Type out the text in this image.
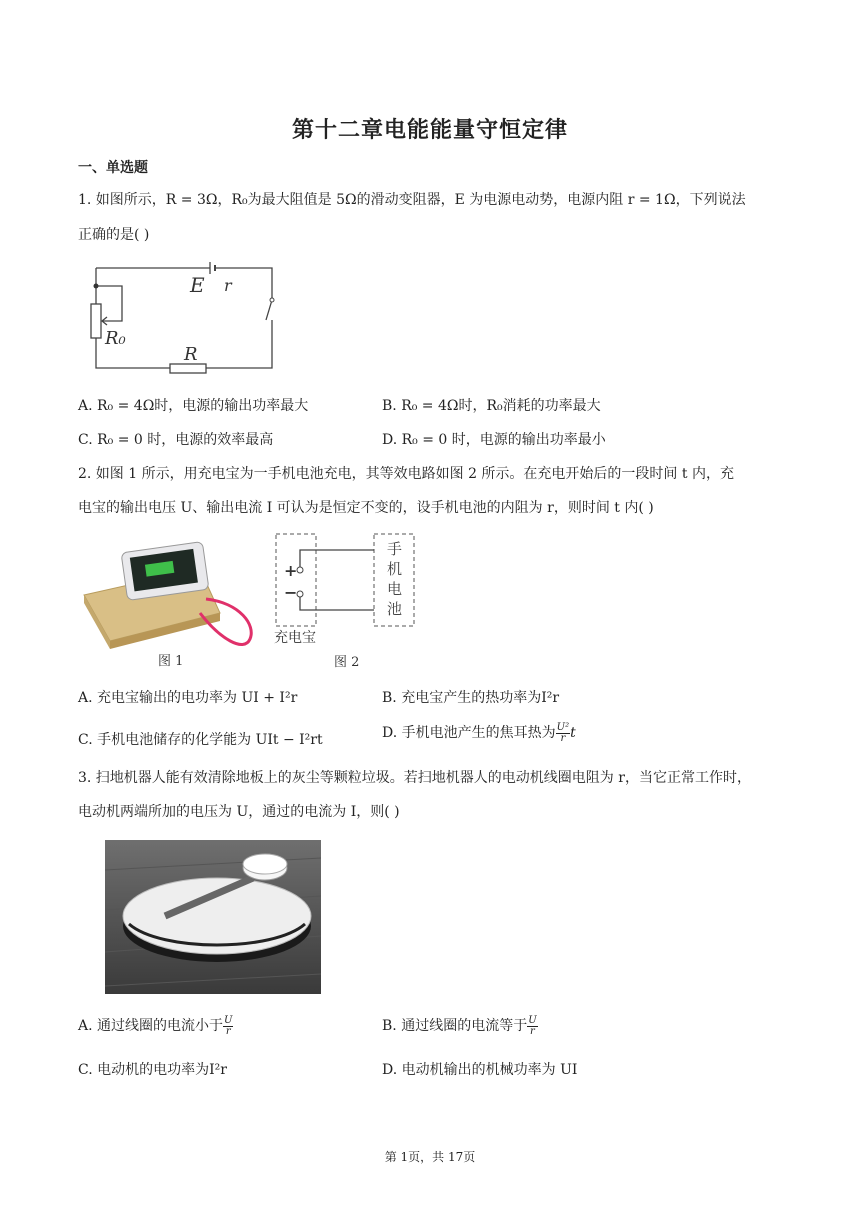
第十二章电能能量守恒定律
一、单选题
1. 如图所示，R = 3Ω，R₀为最大阻值是 5Ω的滑动变阻器，E 为电源电动势，电源内阻 r = 1Ω，下列说法
正确的是( )
E r
R₀
R
A. R₀ = 4Ω时，电源的输出功率最大	B. R₀ = 4Ω时，R₀消耗的功率最大
C. R₀ = 0 时，电源的效率最高	D. R₀ = 0 时，电源的输出功率最小
2. 如图 1 所示，用充电宝为一手机电池充电，其等效电路如图 2 所示。在充电开始后的一段时间 t 内，充
电宝的输出电压 U、输出电流 I 可认为是恒定不变的，设手机电池的内阻为 r，则时间 t 内( )
图 1
+
−
手
机
电
池
充电宝
图 2
A. 充电宝输出的电功率为 UI + I²r	B. 充电宝产生的热功率为I²r
C. 手机电池储存的化学能为 UIt − I²rt	D. 手机电池产生的焦耳热为 $\frac{\text{U²}}{r}$ t
3. 扫地机器人能有效清除地板上的灰尘等颗粒垃圾。若扫地机器人的电动机线圈电阻为 r，当它正常工作时，
电动机两端所加的电压为 U，通过的电流为 I，则( )
A. 通过线圈的电流小于 $\frac{U}{r}$	B. 通过线圈的电流等于 $\frac{U}{r}$
C. 电动机的电功率为I²r	D. 电动机输出的机械功率为 UI
第 1页，共 17页
